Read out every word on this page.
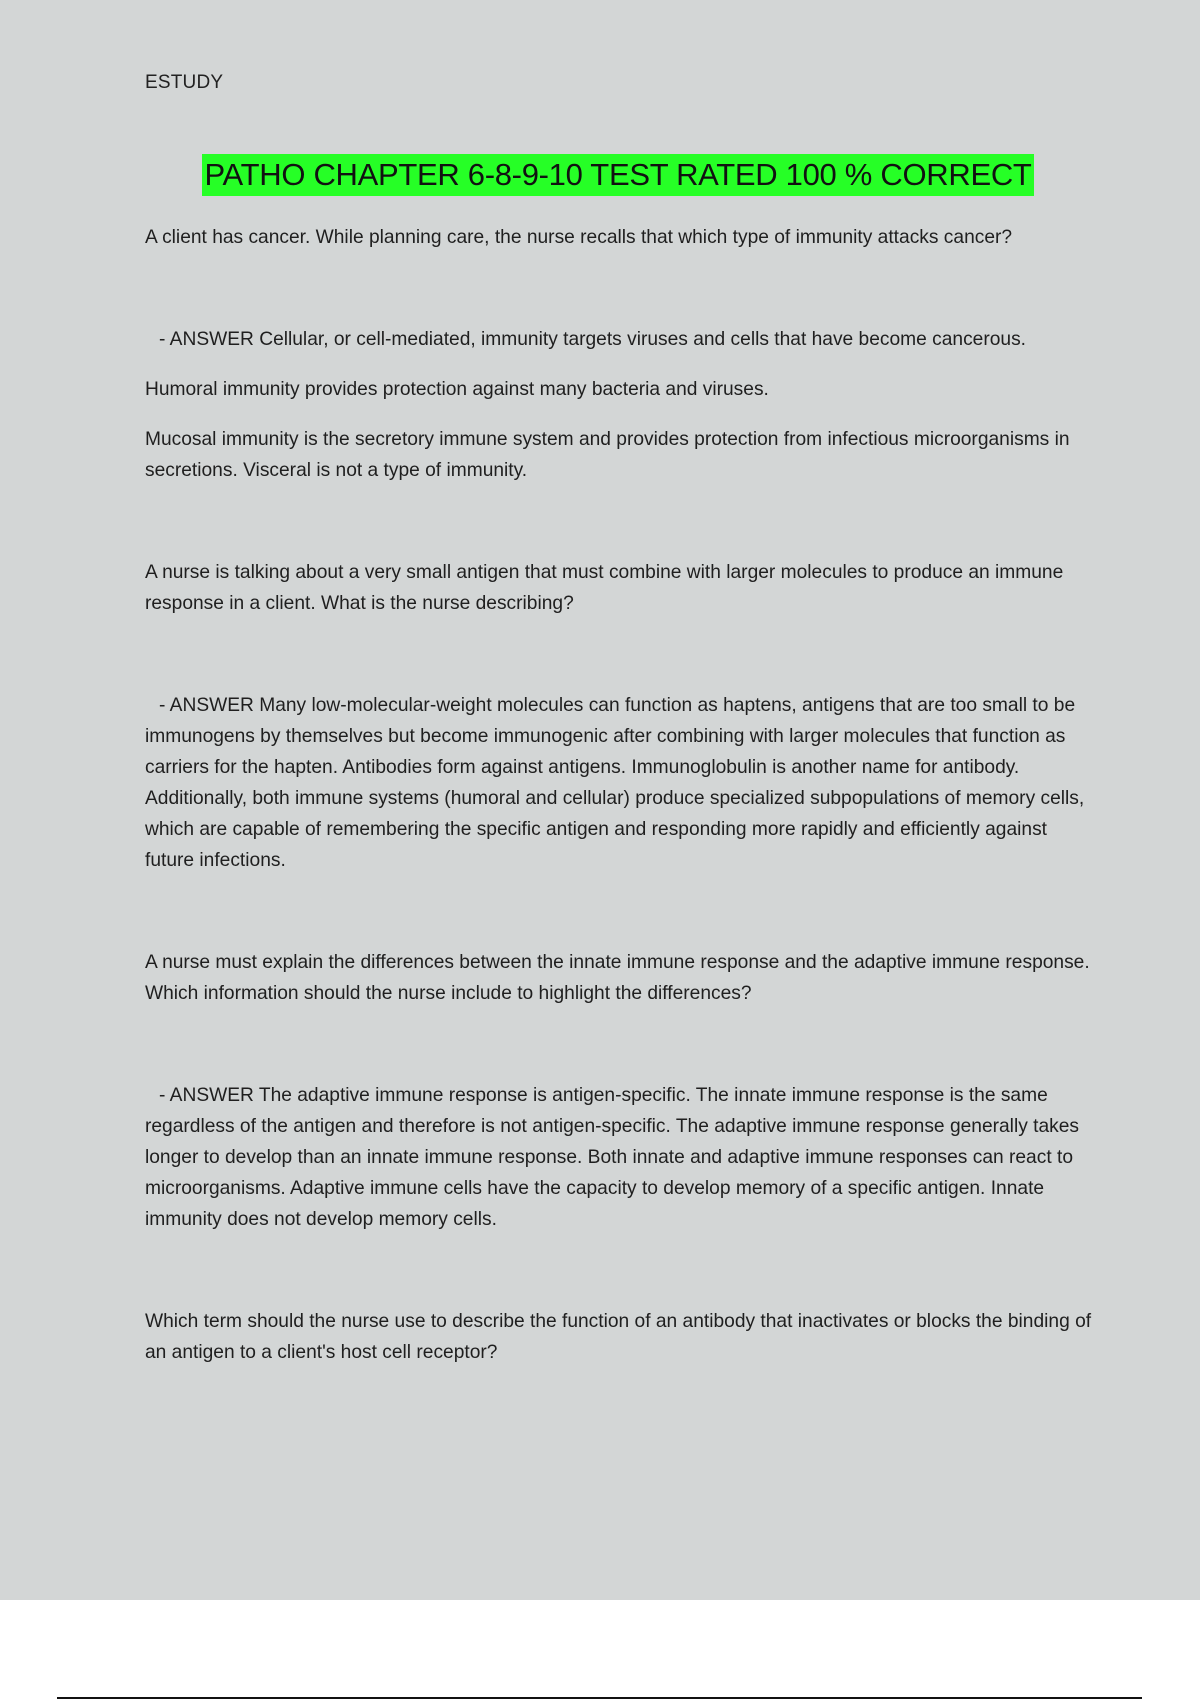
ESTUDY
PATHO CHAPTER 6-8-9-10 TEST RATED 100 % CORRECT

A client has cancer. While planning care, the nurse recalls that which type of immunity attacks cancer?

- ANSWER Cellular, or cell-mediated, immunity targets viruses and cells that have become cancerous.

Humoral immunity provides protection against many bacteria and viruses.

Mucosal immunity is the secretory immune system and provides protection from infectious microorganisms in secretions. Visceral is not a type of immunity.

A nurse is talking about a very small antigen that must combine with larger molecules to produce an immune response in a client. What is the nurse describing?

- ANSWER Many low-molecular-weight molecules can function as haptens, antigens that are too small to be immunogens by themselves but become immunogenic after combining with larger molecules that function as carriers for the hapten. Antibodies form against antigens. Immunoglobulin is another name for antibody. Additionally, both immune systems (humoral and cellular) produce specialized subpopulations of memory cells, which are capable of remembering the specific antigen and responding more rapidly and efficiently against future infections.

A nurse must explain the differences between the innate immune response and the adaptive immune response. Which information should the nurse include to highlight the differences?

- ANSWER The adaptive immune response is antigen-specific. The innate immune response is the same regardless of the antigen and therefore is not antigen-specific. The adaptive immune response generally takes longer to develop than an innate immune response. Both innate and adaptive immune responses can react to microorganisms. Adaptive immune cells have the capacity to develop memory of a specific antigen. Innate immunity does not develop memory cells.

Which term should the nurse use to describe the function of an antibody that inactivates or blocks the binding of an antigen to a client's host cell receptor?
